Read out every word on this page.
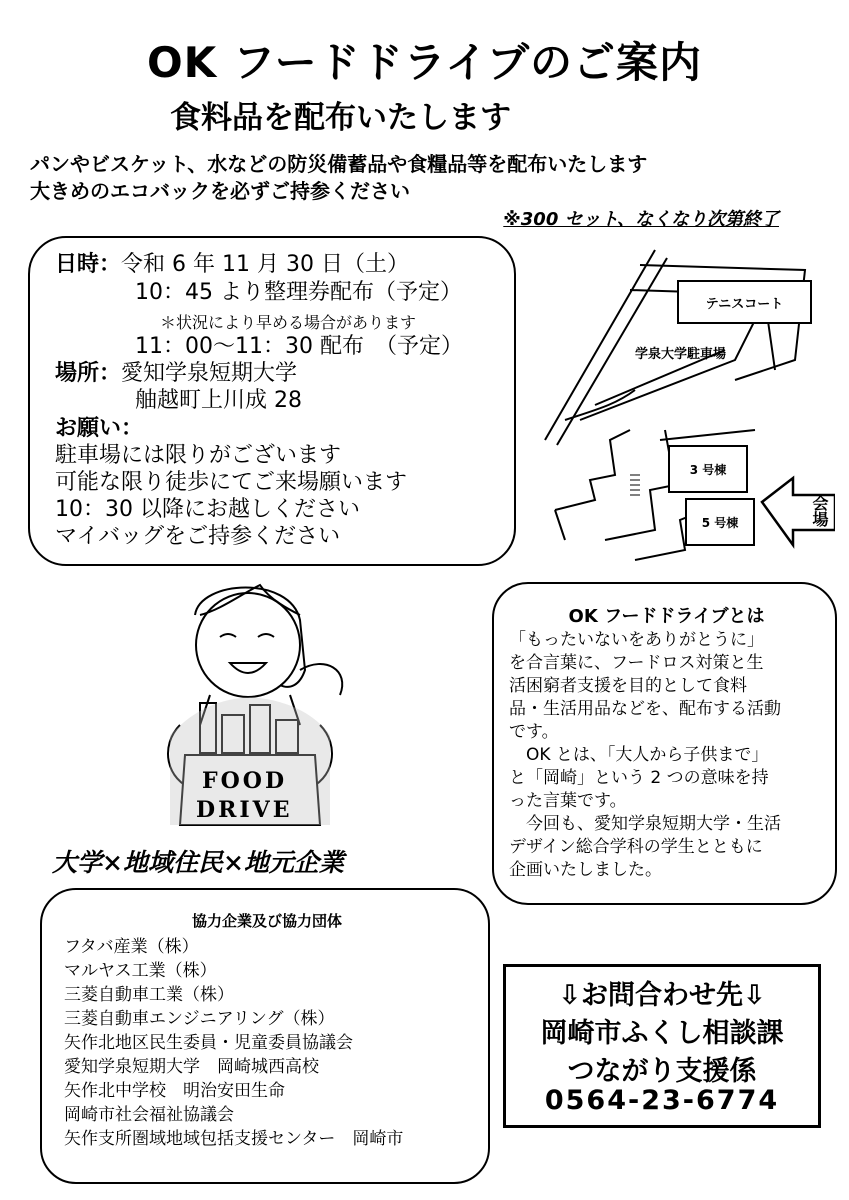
OK フードドライブのご案内
食料品を配布いたします
パンやビスケット、水などの防災備蓄品や食糧品等を配布いたします
大きめのエコバックを必ずご持参ください
※300 セット、なくなり次第終了
日時：令和 6 年 11 月 30 日（土）
10：45 より整理券配布（予定）
＊状況により早める場合があります
11：00～11：30 配布　（予定）
場所：愛知学泉短期大学
舳越町上川成 28
お願い：
駐車場には限りがございます
可能な限り徒歩にてご来場願います
10：30 以降にお越しください
マイバッグをご持参ください
テニスコート
学泉大学駐車場
3 号棟
5 号棟	会場
FOOD
DRIVE
大学×地域住民×地元企業
OK フードドライブとは
「もったいないをありがとうに」
を合言葉に、フードロス対策と生
活困窮者支援を目的として食料
品・生活用品などを、配布する活動
です。
　OK とは、「大人から子供まで」
と「岡崎」という 2 つの意味を持
った言葉です。
　今回も、愛知学泉短期大学・生活
デザイン総合学科の学生とともに
企画いたしました。
協力企業及び協力団体
フタバ産業（株）
マルヤス工業（株）
三菱自動車工業（株）
三菱自動車エンジニアリング（株）
矢作北地区民生委員・児童委員協議会
愛知学泉短期大学　岡崎城西高校
矢作北中学校　明治安田生命
岡崎市社会福祉協議会
矢作支所圏域地域包括支援センター　岡崎市
⇩お問合わせ先⇩
岡崎市ふくし相談課
つながり支援係
0564-23-6774
